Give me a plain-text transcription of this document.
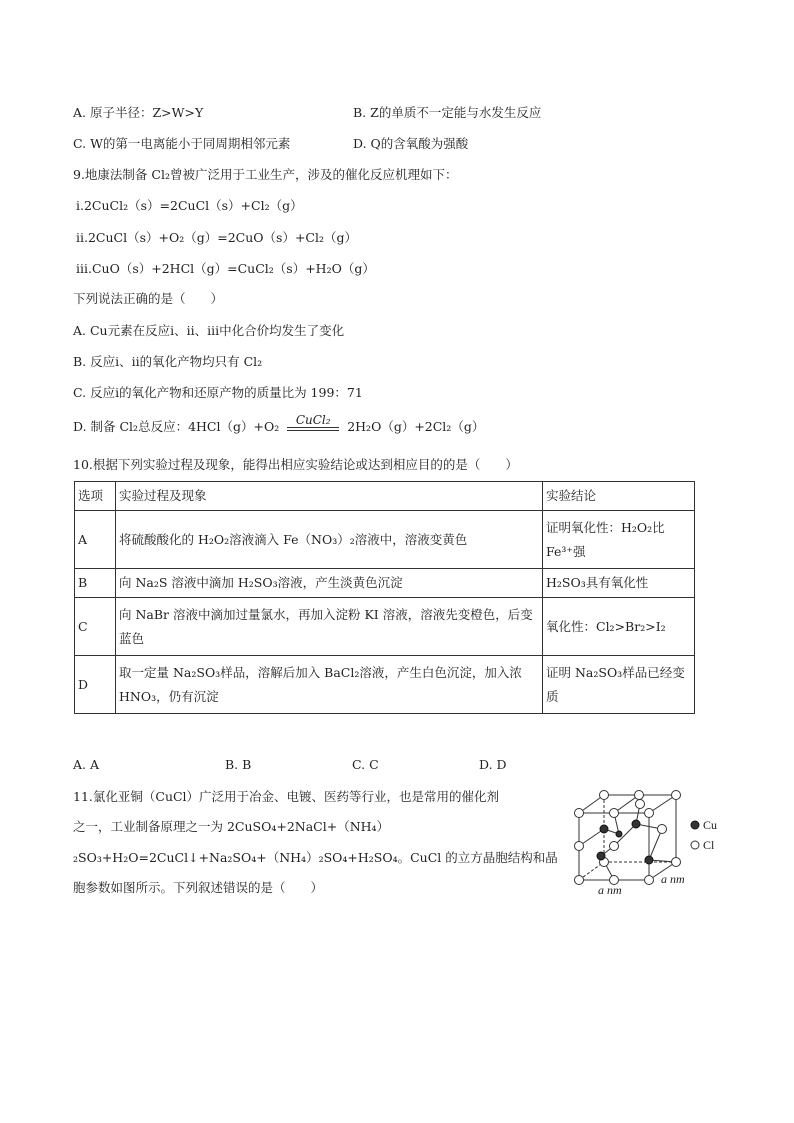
A. 原子半径：Z>W>Y	B. Z的单质不一定能与水发生反应
C. W的第一电离能小于同周期相邻元素	D. Q的含氧酸为强酸
9.地康法制备 Cl₂曾被广泛用于工业生产，涉及的催化反应机理如下：
ⅰ.2CuCl₂（s）=2CuCl（s）+Cl₂（g）
ⅱ.2CuCl（s）+O₂（g）=2CuO（s）+Cl₂（g）
ⅲ.CuO（s）+2HCl（g）=CuCl₂（s）+H₂O（g）
下列说法正确的是（　　）
A. Cu元素在反应ⅰ、ⅱ、ⅲ中化合价均发生了变化
B. 反应ⅰ、ⅱ的氧化产物均只有 Cl₂
C. 反应ⅰ的氧化产物和还原产物的质量比为 199：71
D. 制备 Cl₂总反应：4HCl（g）+O₂	CuCl₂	2H₂O（g）+2Cl₂（g）
10.根据下列实验过程及现象，能得出相应实验结论或达到相应目的的是（　　）
选项	实验过程及现象	实验结论
A	将硫酸酸化的 H₂O₂溶液滴入 Fe（NO₃）₂溶液中，溶液变黄色	证明氧化性：H₂O₂比 Fe³⁺强
B	向 Na₂S 溶液中滴加 H₂SO₃溶液，产生淡黄色沉淀	H₂SO₃具有氧化性
C	向 NaBr 溶液中滴加过量氯水，再加入淀粉 KI 溶液，溶液先变橙色，后变蓝色	氧化性：Cl₂>Br₂>I₂
D	取一定量 Na₂SO₃样品，溶解后加入 BaCl₂溶液，产生白色沉淀，加入浓 HNO₃，仍有沉淀	证明 Na₂SO₃样品已经变质
A. A	B. B	C. C	D. D
11.氯化亚铜（CuCl）广泛用于冶金、电镀、医药等行业，也是常用的催化剂
之一，工业制备原理之一为 2CuSO₄+2NaCl+（NH₄）
₂SO₃+H₂O=2CuCl↓+Na₂SO₄+（NH₄）₂SO₄+H₂SO₄。CuCl 的立方晶胞结构和晶
胞参数如图所示。下列叙述错误的是（　　）
Cu
Cl
a nm
a nm
